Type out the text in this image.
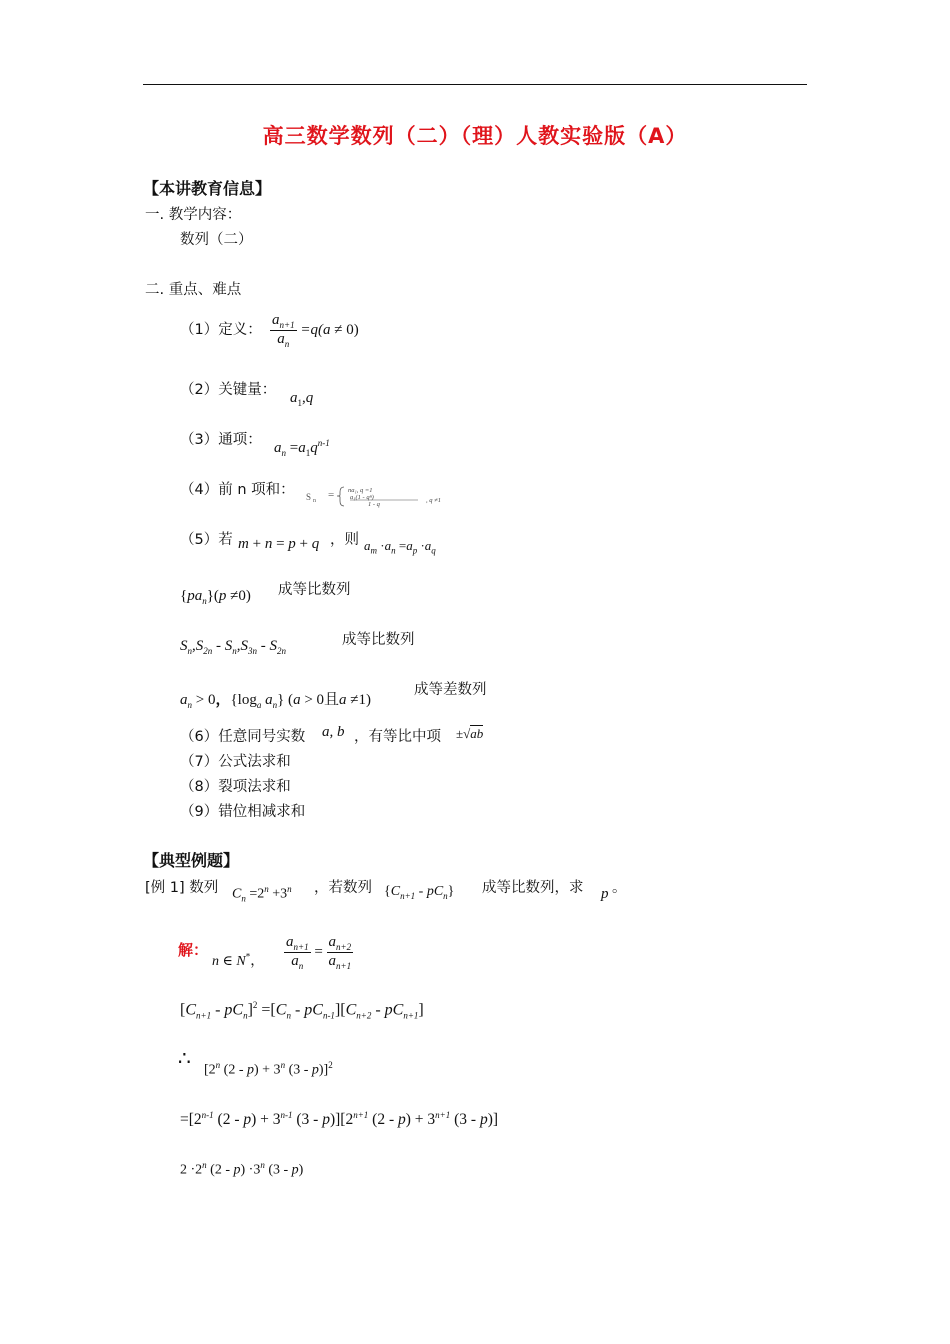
高三数学数列（二）（理）人教实验版（A）
【本讲教育信息】
一. 教学内容：
数列（二）
二. 重点、难点
（1）定义： $\frac{a_{n+1}}{a_n} =q(a \ne 0)$
（2）关键量： $a_1,q$
（3）通项： $a_n =a_1q^{n-1}$
（4）前 n 项和： S n = na₁, q =1
a₁(1 - qⁿ)
1 - q
, q ≠1
（5）若 m + n = p + q ，则 $a_m \cdot a_n =a_p \cdot a_q$
$\{pa_n\}(p \ne 0)$ 成等比数列
$S_n,S_{2n} - S_n,S_{3n} - S_{2n}$
成等比数列
$a_n > 0$，{$\log_a$ $a_n$} (a > 0且a ≠1)
成等差数列
（6）任意同号实数 a, b ，有等比中项 ±√ab
（7）公式法求和
（8）裂项法求和
（9）错位相减求和
【典型例题】
[例 1] 数列 $C_n =2^n +3^n$ ，若数列 $\{C_{n+1} - pC_n\}$ 成等比数列，求 p 。
解：
n ∈ N*， $\frac{a_{n+1}}{a_n} = \frac{a_{n+2}}{a_{n+1}}$
$[C_{n+1} - pC_n]^2 =[C_n - pC_{n-1}][C_{n+2} - pC_{n+1}]$
∴
[2$^n$ $(2 - p) + 3^n$ (3 - p)]$^2$
$=[2^{n-1}$ $(2 - p) + 3^{n-1}$ $(3 - p)][2^{n+1}$ $(2 - p) + 3^{n+1}$ (3 - p)]
$2 \cdot 2^n$ $(2 - p) \cdot 3^n$ (3 - p)
